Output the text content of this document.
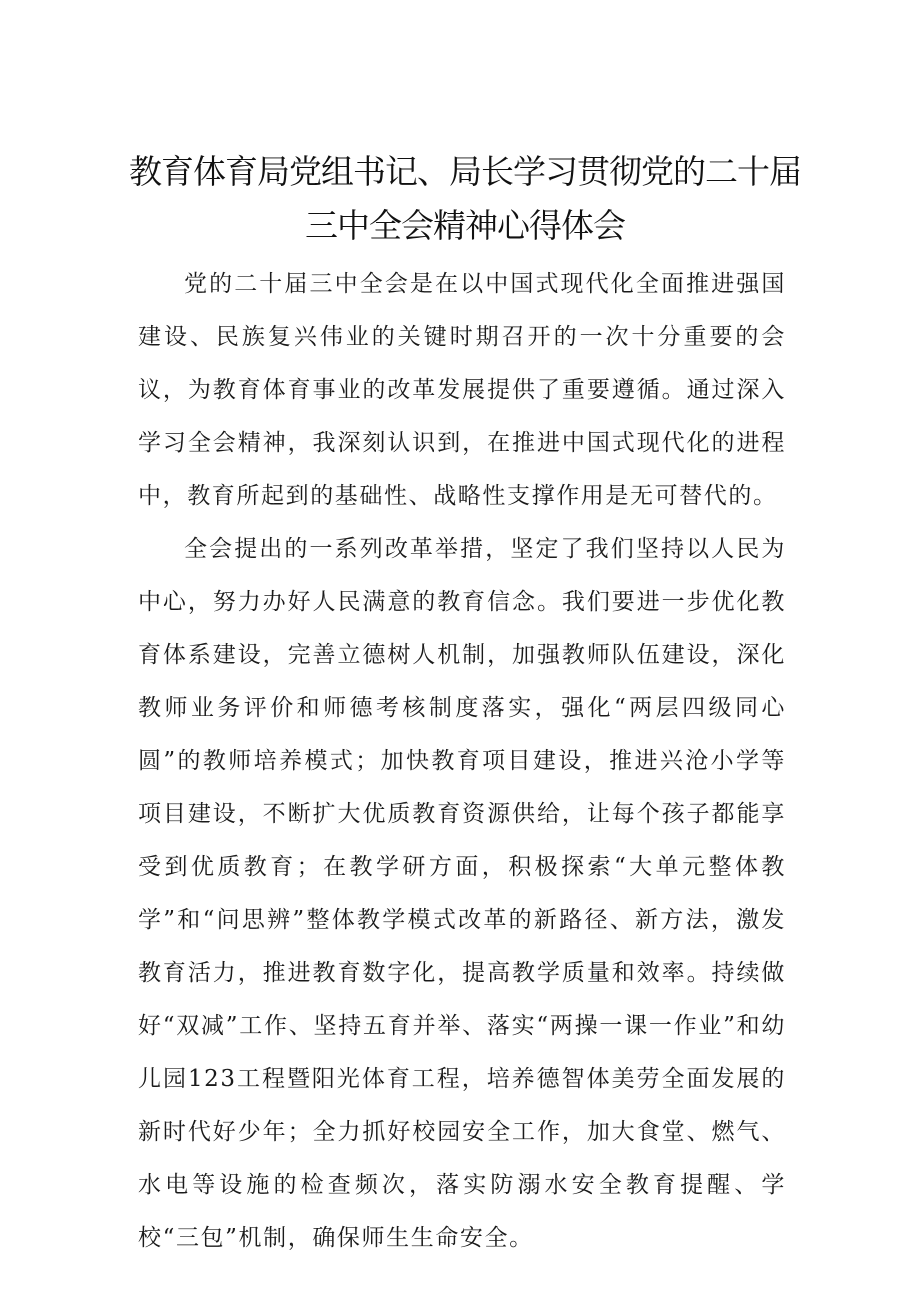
教育体育局党组书记、局长学习贯彻党的二十届
三中全会精神心得体会

党的二十届三中全会是在以中国式现代化全面推进强国建设、民族复兴伟业的关键时期召开的一次十分重要的会议，为教育体育事业的改革发展提供了重要遵循。通过深入学习全会精神，我深刻认识到，在推进中国式现代化的进程中，教育所起到的基础性、战略性支撑作用是无可替代的。

全会提出的一系列改革举措，坚定了我们坚持以人民为中心，努力办好人民满意的教育信念。我们要进一步优化教育体系建设，完善立德树人机制，加强教师队伍建设，深化教师业务评价和师德考核制度落实，强化“两层四级同心圆”的教师培养模式；加快教育项目建设，推进兴沧小学等项目建设，不断扩大优质教育资源供给，让每个孩子都能享受到优质教育；在教学研方面，积极探索“大单元整体教学”和“问思辨”整体教学模式改革的新路径、新方法，激发教育活力，推进教育数字化，提高教学质量和效率。持续做好“双减”工作、坚持五育并举、落实“两操一课一作业”和幼儿园123工程暨阳光体育工程，培养德智体美劳全面发展的新时代好少年；全力抓好校园安全工作，加大食堂、燃气、水电等设施的检查频次，落实防溺水安全教育提醒、学校“三包”机制，确保师生生命安全。
